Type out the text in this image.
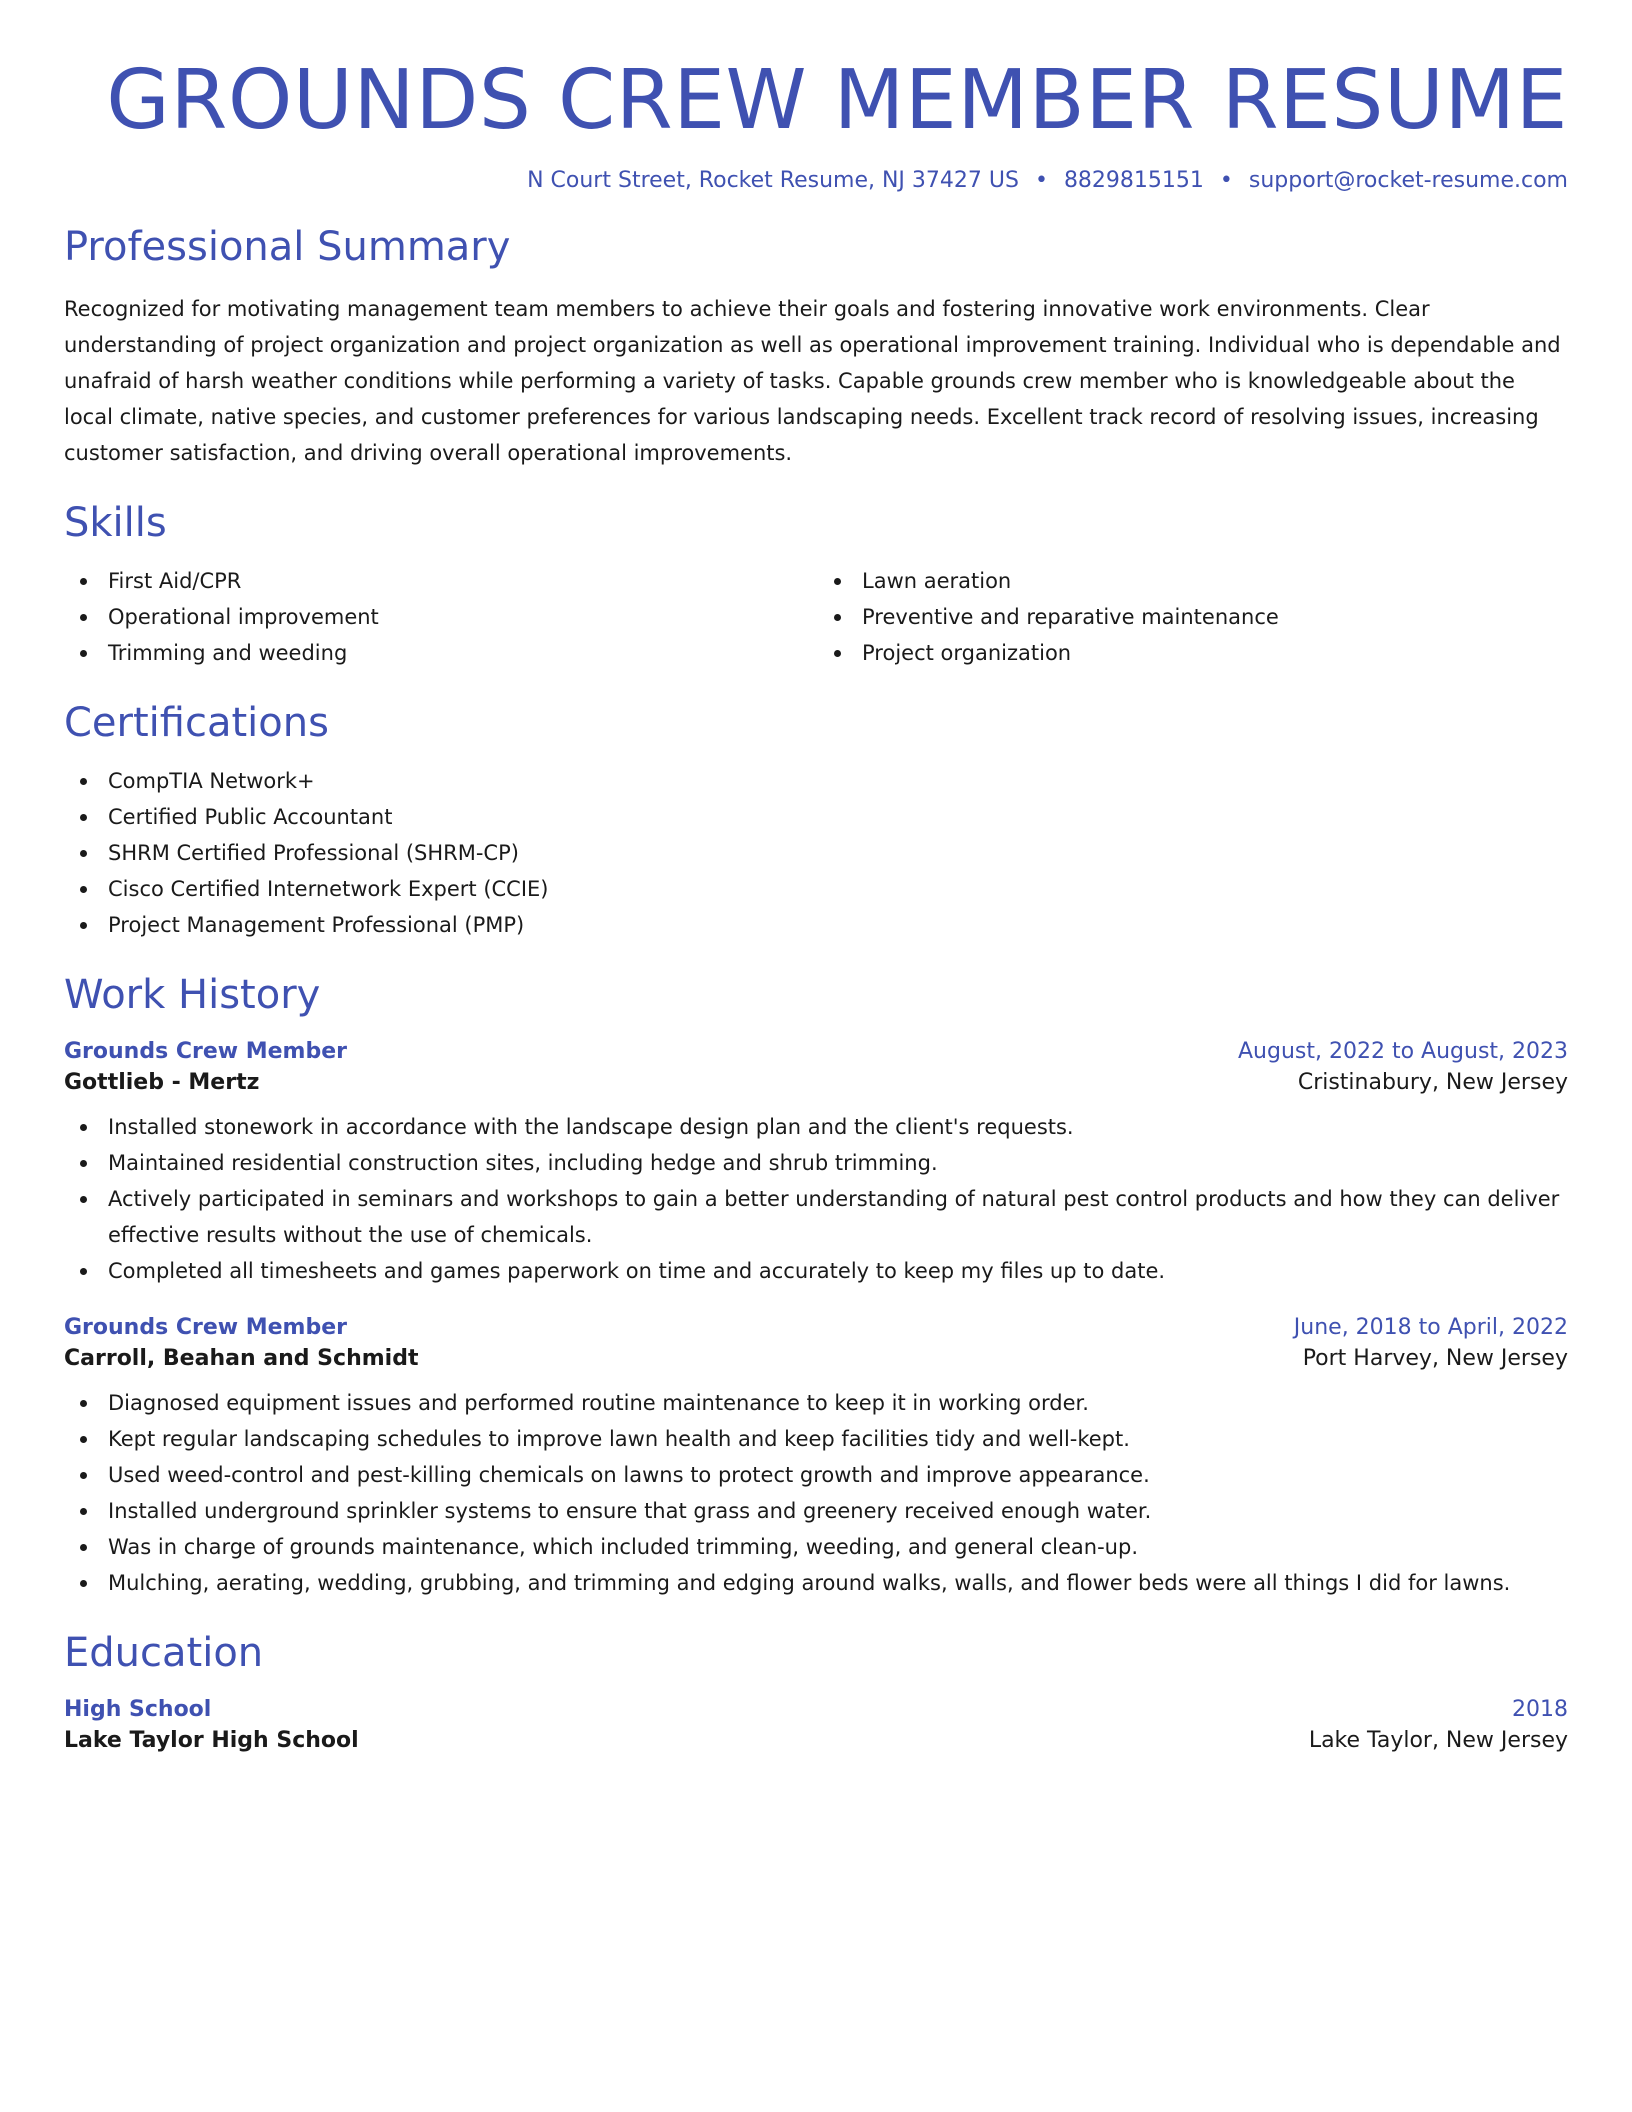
GROUNDS CREW MEMBER RESUME
N Court Street, Rocket Resume, NJ 37427 US • 8829815151 • support@rocket-resume.com
Professional Summary

Recognized for motivating management team members to achieve their goals and fostering innovative work environments. Clear understanding of project organization and project organization as well as operational improvement training. Individual who is dependable and unafraid of harsh weather conditions while performing a variety of tasks. Capable grounds crew member who is knowledgeable about the local climate, native species, and customer preferences for various landscaping needs. Excellent track record of resolving issues, increasing customer satisfaction, and driving overall operational improvements.

Skills
First Aid/CPR
Operational improvement
Trimming and weeding
Lawn aeration
Preventive and reparative maintenance
Project organization
Certifications
CompTIA Network+
Certified Public Accountant
SHRM Certified Professional (SHRM-CP)
Cisco Certified Internetwork Expert (CCIE)
Project Management Professional (PMP)
Work History
Grounds Crew Member	August, 2022 to August, 2023
Gottlieb - Mertz	Cristinabury, New Jersey
Installed stonework in accordance with the landscape design plan and the client's requests.
Maintained residential construction sites, including hedge and shrub trimming.
Actively participated in seminars and workshops to gain a better understanding of natural pest control products and how they can deliver effective results without the use of chemicals.
Completed all timesheets and games paperwork on time and accurately to keep my files up to date.
Grounds Crew Member	June, 2018 to April, 2022
Carroll, Beahan and Schmidt	Port Harvey, New Jersey
Diagnosed equipment issues and performed routine maintenance to keep it in working order.
Kept regular landscaping schedules to improve lawn health and keep facilities tidy and well-kept.
Used weed-control and pest-killing chemicals on lawns to protect growth and improve appearance.
Installed underground sprinkler systems to ensure that grass and greenery received enough water.
Was in charge of grounds maintenance, which included trimming, weeding, and general clean-up.
Mulching, aerating, wedding, grubbing, and trimming and edging around walks, walls, and flower beds were all things I did for lawns.
Education
High School	2018
Lake Taylor High School	Lake Taylor, New Jersey
